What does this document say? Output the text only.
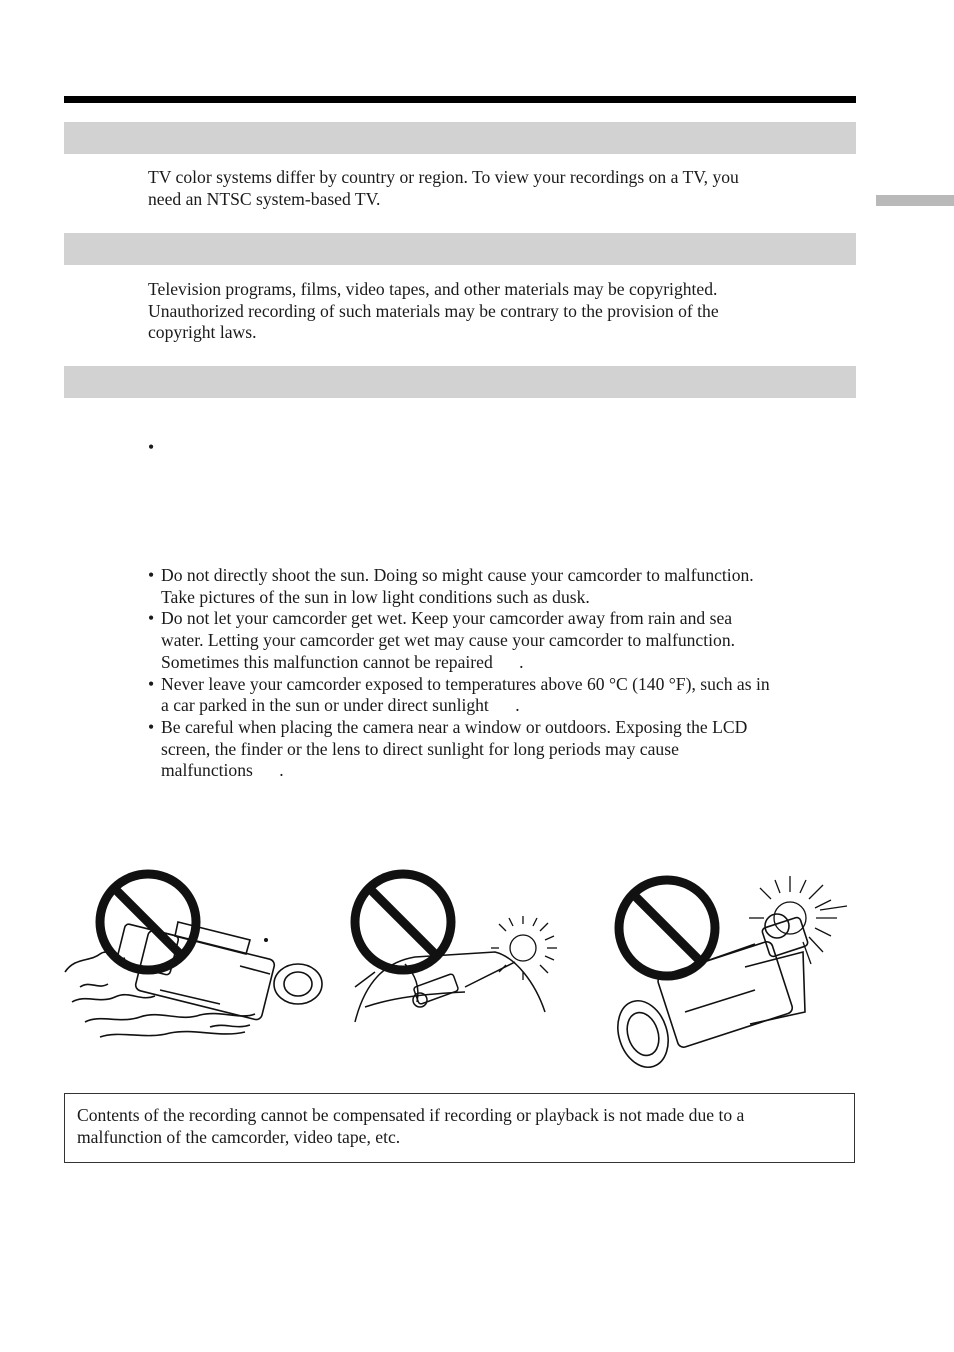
TV color systems differ by country or region. To view your recordings on a TV, you

need an NTSC system-based TV.

Television programs, films, video tapes, and other materials may be copyrighted.

Unauthorized recording of such materials may be contrary to the provision of the

copyright laws.

•
• Do not directly shoot the sun. Doing so might cause your camcorder to malfunction.
Take pictures of the sun in low light conditions such as dusk.
• Do not let your camcorder get wet. Keep your camcorder away from rain and sea
water. Letting your camcorder get wet may cause your camcorder to malfunction.
Sometimes this malfunction cannot be repaired      .
• Never leave your camcorder exposed to temperatures above 60 °C (140 °F), such as in
a car parked in the sun or under direct sunlight      .
• Be careful when placing the camera near a window or outdoors. Exposing the LCD
screen, the finder or the lens to direct sunlight for long periods may cause
malfunctions      .
Contents of the recording cannot be compensated if recording or playback is not made due to a
malfunction of the camcorder, video tape, etc.
